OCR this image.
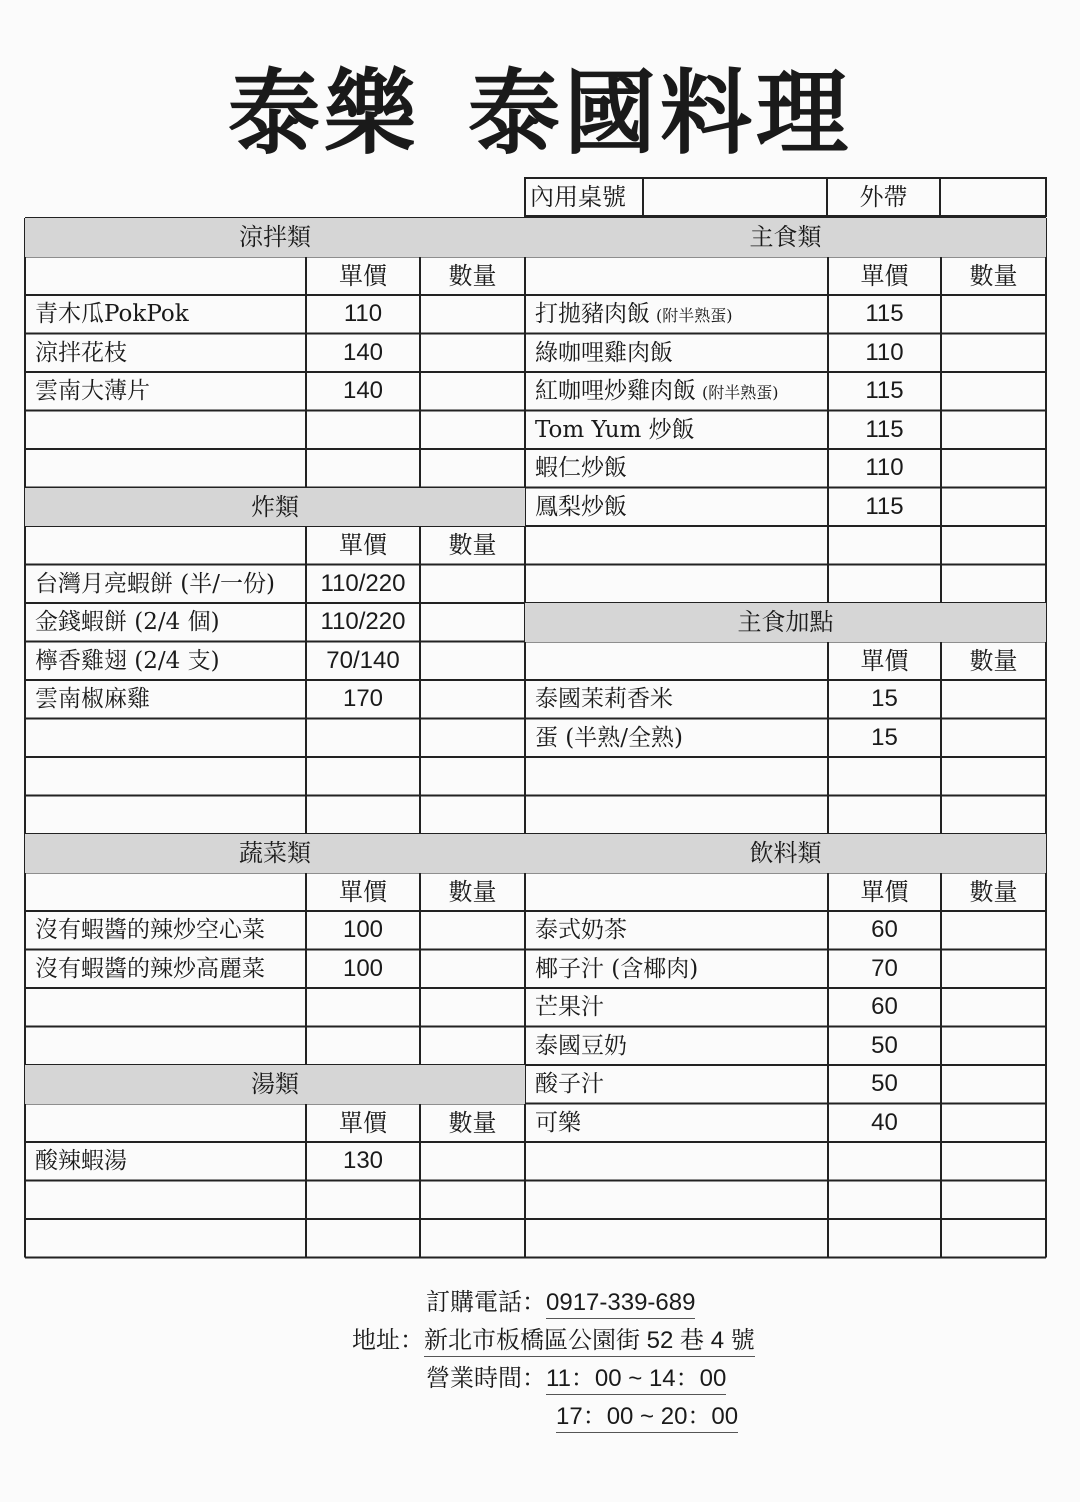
泰樂 泰國料理
涼拌類
單價	數量
青木瓜PokPok	110
涼拌花枝	140
雲南大薄片	140
炸類
單價	數量
台灣月亮蝦餅 (半/一份)	110/220
金錢蝦餅 (2/4 個)	110/220
檸香雞翅 (2/4 支)	70/140
雲南椒麻雞	170
蔬菜類
單價	數量
沒有蝦醬的辣炒空心菜	100
沒有蝦醬的辣炒高麗菜	100
湯類
單價	數量
酸辣蝦湯	130
主食類
單價	數量
打拋豬肉飯 (附半熟蛋)	115
綠咖哩雞肉飯	110
紅咖哩炒雞肉飯 (附半熟蛋)	115
Tom Yum 炒飯	115
蝦仁炒飯	110
鳳梨炒飯	115
主食加點
單價	數量
泰國茉莉香米	15
蛋 (半熟/全熟)	15
飲料類
單價	數量
泰式奶茶	60
椰子汁 (含椰肉)	70
芒果汁	60
泰國豆奶	50
酸子汁	50
可樂	40
內用桌號	外帶
訂購電話：0917-339-689
地址：新北市板橋區公園街 52 巷 4 號
營業時間：11：00 ~ 14：00
17：00 ~ 20：00
